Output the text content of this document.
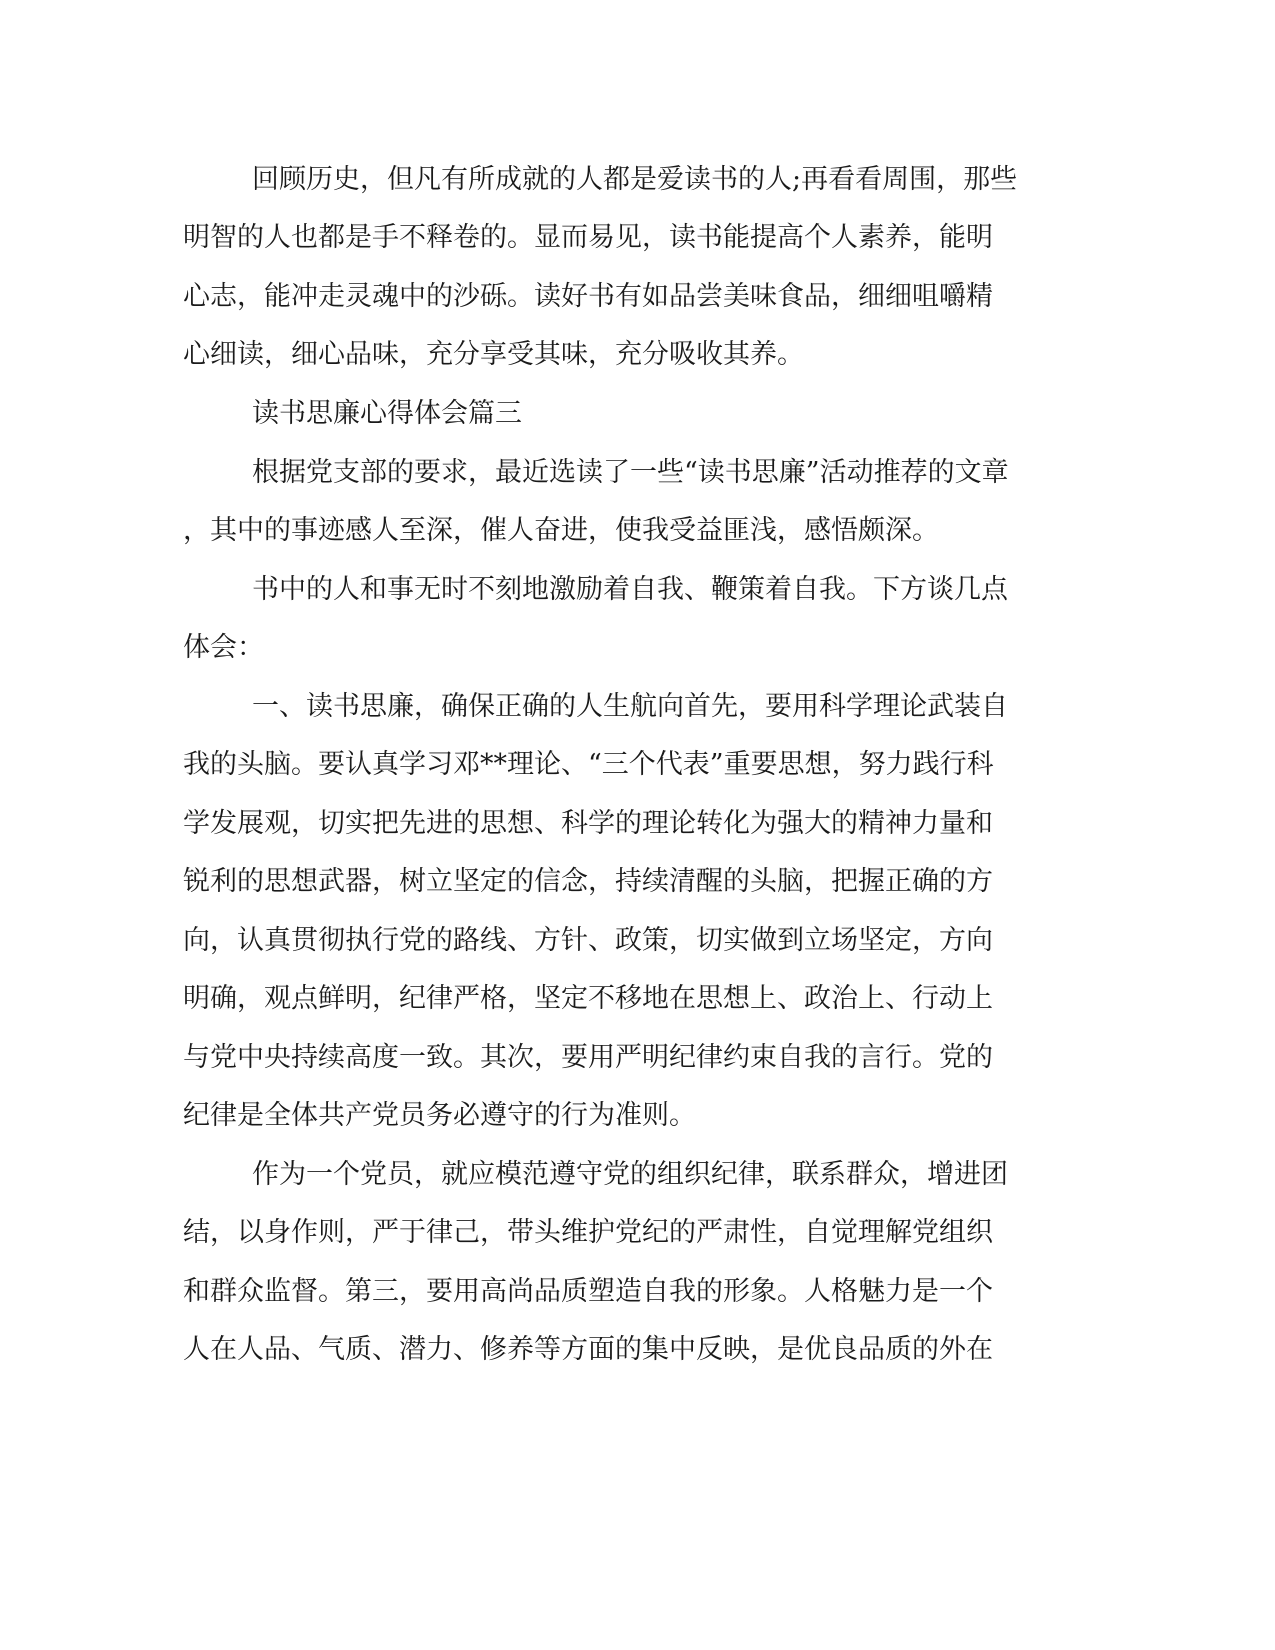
回顾历史，但凡有所成就的人都是爱读书的人;再看看周围，那些
明智的人也都是手不释卷的。显而易见，读书能提高个人素养，能明
心志，能冲走灵魂中的沙砾。读好书有如品尝美味食品，细细咀嚼精
心细读，细心品味，充分享受其味，充分吸收其养。
读书思廉心得体会篇三
根据党支部的要求，最近选读了一些“读书思廉”活动推荐的文章
，其中的事迹感人至深，催人奋进，使我受益匪浅，感悟颇深。
书中的人和事无时不刻地激励着自我、鞭策着自我。下方谈几点
体会：
一、读书思廉，确保正确的人生航向首先，要用科学理论武装自
我的头脑。要认真学习邓**理论、“三个代表”重要思想，努力践行科
学发展观，切实把先进的思想、科学的理论转化为强大的精神力量和
锐利的思想武器，树立坚定的信念，持续清醒的头脑，把握正确的方
向，认真贯彻执行党的路线、方针、政策，切实做到立场坚定，方向
明确，观点鲜明，纪律严格，坚定不移地在思想上、政治上、行动上
与党中央持续高度一致。其次，要用严明纪律约束自我的言行。党的
纪律是全体共产党员务必遵守的行为准则。
作为一个党员，就应模范遵守党的组织纪律，联系群众，增进团
结，以身作则，严于律己，带头维护党纪的严肃性，自觉理解党组织
和群众监督。第三，要用高尚品质塑造自我的形象。人格魅力是一个
人在人品、气质、潜力、修养等方面的集中反映，是优良品质的外在
